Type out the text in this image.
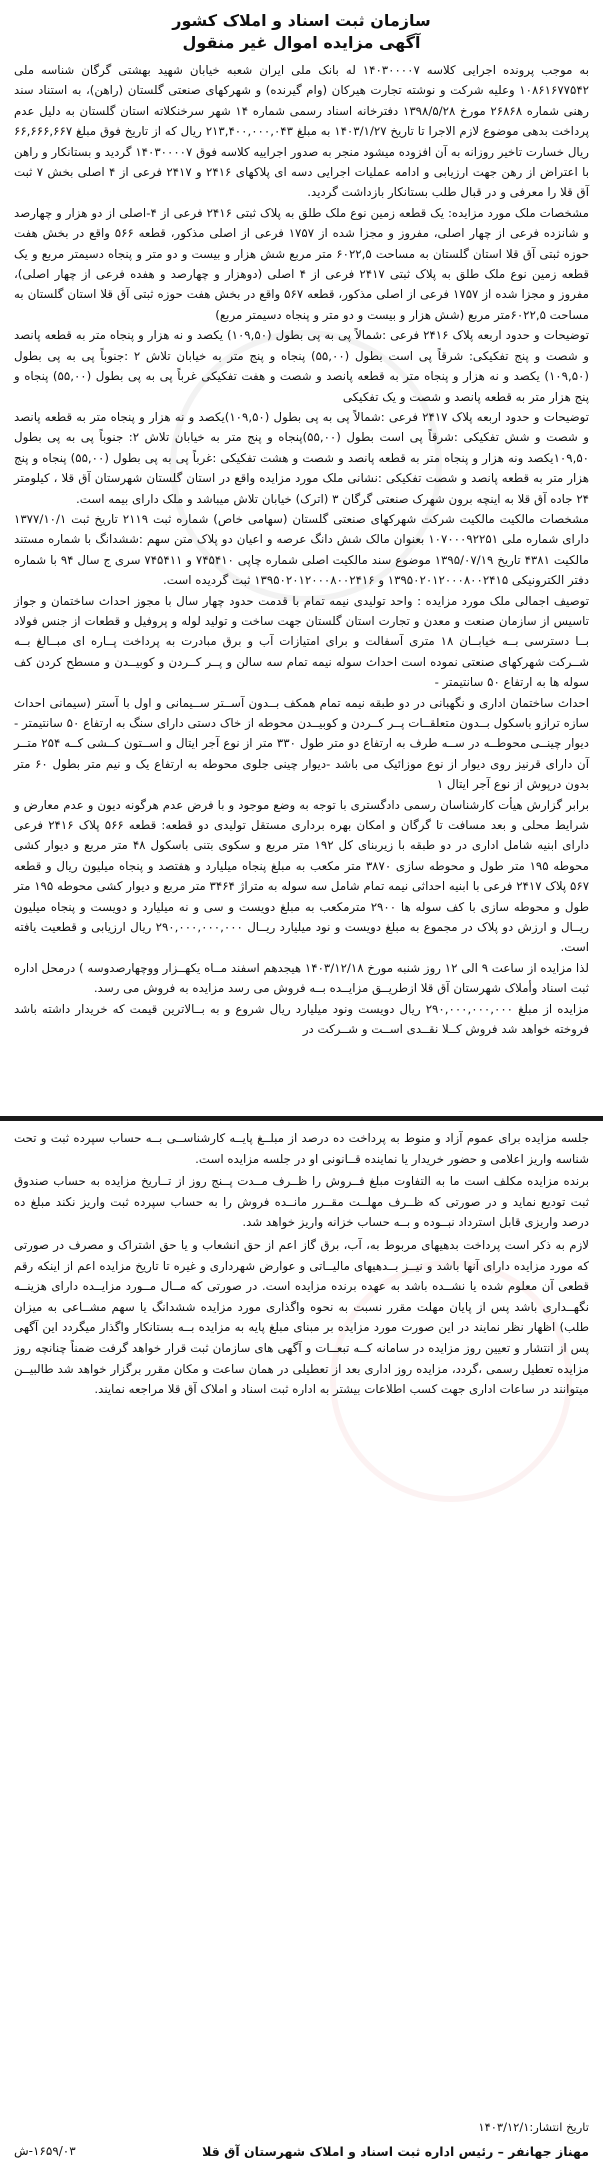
سازمان ثبت اسناد و املاک کشور

آگهی مزایده اموال غیر منقول

به موجب پرونده اجرایی کلاسه ۱۴۰۳۰۰۰۰۷ له بانک ملی ایران شعبه خیابان شهید بهشتی گرگان شناسه ملی ۱۰۸۶۱۶۷۷۵۴۲ وعلیه شرکت و نوشته تجارت هیرکان (وام گیرنده) و شهرکهای صنعتی گلستان (راهن)، به استناد سند رهنی شماره ۲۶۸۶۸ مورخ ۱۳۹۸/۵/۲۸ دفترخانه اسناد رسمی شماره ۱۴ شهر سرخنکلاته استان گلستان به دلیل عدم پرداخت بدهی موضوع لازم الاجرا تا تاریخ ۱۴۰۳/۱/۲۷ به مبلغ ۲۱۳,۴۰۰,۰۰۰,۰۴۳ ریال که از تاریخ فوق مبلغ ۶۶,۶۶۶,۶۶۷ ریال خسارت تاخیر روزانه به آن افزوده میشود منجر به صدور اجراییه کلاسه فوق ۱۴۰۳۰۰۰۰۷ گردید و بستانکار و راهن با اعتراض از رهن جهت ارزیابی و ادامه عملیات اجرایی دسه ای پلاکهای ۲۴۱۶ و ۲۴۱۷ فرعی از ۴ اصلی بخش ۷ ثبت آق قلا را معرفی و در قبال طلب بستانکار بازداشت گردید.

مشخصات ملک مورد مزایده: یک قطعه زمین نوع ملک طلق به پلاک ثبتی ۲۴۱۶ فرعی از ۴-اصلی از دو هزار و چهارصد و شانزده فرعی از چهار اصلی، مفروز و مجزا شده از ۱۷۵۷ فرعی از اصلی مذکور، قطعه ۵۶۶ واقع در بخش هفت حوزه ثبتی آق قلا استان گلستان به مساحت ۶۰۲۲,۵ متر مربع شش هزار و بیست و دو متر و پنجاه دسیمتر مربع و یک قطعه زمین نوع ملک طلق به پلاک ثبتی ۲۴۱۷ فرعی از ۴ اصلی (دوهزار و چهارصد و هفده فرعی از چهار اصلی)، مفروز و مجزا شده از ۱۷۵۷ فرعی از اصلی مذکور، قطعه ۵۶۷ واقع در بخش هفت حوزه ثبتی آق قلا استان گلستان به مساحت ۶۰۲۲,۵متر مربع (شش هزار و بیست و دو متر و پنجاه دسیمتر مربع)

توضیحات و حدود اربعه پلاک ۲۴۱۶ فرعی :شمالاً پی به پی بطول (۱۰۹,۵۰) یکصد و نه هزار و پنجاه متر به قطعه پانصد و شصت و پنج تفکیکی: شرقاً پی است بطول (۵۵,۰۰) پنجاه و پنج متر به خیابان تلاش ۲ :جنوباً پی به پی بطول (۱۰۹,۵۰) یکصد و نه هزار و پنجاه متر به قطعه پانصد و شصت و هفت تفکیکی غرباً پی به پی بطول (۵۵,۰۰) پنجاه و پنج هزار متر به قطعه پانصد و شصت و یک تفکیکی

توضیحات و حدود اربعه پلاک ۲۴۱۷ فرعی :شمالاً پی به پی بطول (۱۰۹,۵۰)یکصد و نه هزار و پنجاه متر به قطعه پانصد و شصت و شش تفکیکی :شرقاً پی است بطول (۵۵,۰۰)پنجاه و پنج متر به خیابان تلاش ۲: جنوباً پی به پی بطول ۱۰۹,۵۰یکصد ونه هزار و پنجاه متر به قطعه پانصد و شصت و هشت تفکیکی :غرباً پی به پی بطول (۵۵,۰۰) پنجاه و پنج هزار متر به قطعه پانصد و شصت تفکیکی :نشانی ملک مورد مزایده واقع در استان گلستان شهرستان آق قلا ، کیلومتر ۲۴ جاده آق قلا به اینچه برون شهرک صنعتی گرگان ۳ (اترک) خیابان تلاش میباشد و ملک دارای بیمه است.

مشخصات مالکیت مالکیت شرکت شهرکهای صنعتی گلستان (سهامی خاص) شماره ثبت ۲۱۱۹ تاریخ ثبت ۱۳۷۷/۱۰/۱ دارای شماره ملی ۱۰۷۰۰۰۹۲۲۵۱ بعنوان مالک شش دانگ عرصه و اعیان دو پلاک متن سهم :ششدانگ با شماره مستند مالکیت ۴۳۸۱ تاریخ ۱۳۹۵/۰۷/۱۹ موضوع سند مالکیت اصلی شماره چاپی ۷۴۵۴۱۰ و ۷۴۵۴۱۱ سری ج سال ۹۴ با شماره دفتر الکترونیکی ۱۳۹۵۰۲۰۱۲۰۰۰۸۰۰۲۴۱۵ و ۱۳۹۵۰۲۰۱۲۰۰۰۸۰۰۲۴۱۶ ثبت گردیده است.

توصیف اجمالی ملک مورد مزایده : واحد تولیدی نیمه تمام با قدمت حدود چهار سال با مجوز احداث ساختمان و جواز تاسیس از سازمان صنعت و معدن و تجارت استان گلستان جهت ساخت و تولید لوله و پروفیل و قطعات از جنس فولاد بــا دسترسی بــه خیابــان ۱۸ متری آسفالت و برای امتیازات آب و برق مبادرت به پرداخت پــاره ای مبــالغ بــه شــرکت شهرکهای صنعتی نموده است احداث سوله نیمه تمام سه سالن و پــر کــردن و کوبیــدن و مسطح کردن کف سوله ها به ارتفاع ۵۰ سانتیمتر -

احداث ساختمان اداری و نگهبانی در دو طبقه نیمه تمام همکف بــدون آســتر ســیمانی و اول با آستر (سیمانی احداث سازه ترازو باسکول بــدون متعلقــات پــر کــردن و کوبیــدن محوطه از خاک دستی دارای سنگ به ارتفاع ۵۰ سانتیمتر - دیوار چینــی محوطــه در ســه طرف به ارتفاع دو متر طول ۳۳۰ متر از نوع آجر ایتال و اســتون کــشی کــه ۲۵۴ متــر آن دارای قرنیز روی دیوار از نوع موزائیک می باشد -دیوار چینی جلوی محوطه به ارتفاع یک و نیم متر بطول ۶۰ متر بدون درپوش از نوع آجر ایتال ۱

برابر گزارش هیأت کارشناسان رسمی دادگستری با توجه به وضع موجود و با فرض عدم هرگونه دیون و عدم معارض و شرایط محلی و بعد مسافت تا گرگان و امکان بهره برداری مستقل تولیدی دو قطعه: قطعه ۵۶۶ پلاک ۲۴۱۶ فرعی دارای ابنیه شامل اداری در دو طبقه با زیربنای کل ۱۹۲ متر مربع و سکوی بتنی باسکول ۴۸ متر مربع و دیوار کشی محوطه ۱۹۵ متر طول و محوطه سازی ۳۸۷۰ متر مکعب به مبلغ پنجاه میلیارد و هفتصد و پنجاه میلیون ریال و قطعه ۵۶۷ پلاک ۲۴۱۷ فرعی با ابنیه احداثی نیمه تمام شامل سه سوله به متراژ ۳۴۶۴ متر مربع و دیوار کشی محوطه ۱۹۵ متر طول و محوطه سازی با کف سوله ها ۲۹۰۰ مترمکعب به مبلغ دویست و سی و نه میلیارد و دویست و پنجاه میلیون ریــال و ارزش دو پلاک در مجموع به مبلغ دویست و نود میلیارد ریــال ۲۹۰,۰۰۰,۰۰۰,۰۰۰ ریال ارزیابی و قطعیت یافته است.

لذا مزایده از ساعت ۹ الی ۱۲ روز شنبه مورخ ۱۴۰۳/۱۲/۱۸ هیجدهم اسفند مــاه یکهــزار ووچهارصدوسه ) درمحل اداره ثبت اسناد وأملاک شهرستان آق قلا ازطریــق مزایــده بــه فروش می رسد مزایده به فروش می رسد.

مزایده از مبلغ ۲۹۰,۰۰۰,۰۰۰,۰۰۰ ریال دویست ونود میلیارد ریال شروع و به بــالاترین قیمت که خریدار داشته باشد فروخته خواهد شد فروش کــلا نقــدی اســت و شــرکت در

جلسه مزایده برای عموم آزاد و منوط به پرداخت ده درصد از مبلــغ پایــه کارشناســی بــه حساب سپرده ثبت و تحت شناسه واریز اعلامی و حضور خریدار یا نماینده قــانونی او در جلسه مزایده است.

برنده مزایده مکلف است ما به التفاوت مبلغ فــروش را ظــرف مــدت پــنج روز از تــاریخ مزایده به حساب صندوق ثبت تودیع نماید و در صورتی که ظــرف مهلــت مقــرر مانــده فروش را به حساب سپرده ثبت واریز نکند مبلغ ده درصد واریزی قابل استرداد نبــوده و بــه حساب خزانه واریز خواهد شد.

لازم به ذکر است پرداخت بدهیهای مربوط به، آب، برق گاز اعم از حق انشعاب و یا حق اشتراک و مصرف در صورتی که مورد مزایده دارای آنها باشد و نیــز بــدهیهای مالیــاتی و عوارض شهرداری و غیره تا تاریخ مزایده اعم از اینکه رقم قطعی آن معلوم شده یا نشــده باشد به عهده برنده مزایده است. در صورتی که مــال مــورد مزایــده دارای هزینــه نگهــداری باشد پس از پایان مهلت مقرر نسبت به نحوه واگذاری مورد مزایده ششدانگ یا سهم مشــاعی به میزان طلب) اظهار نظر نمایند در این صورت مورد مزایده بر مبنای مبلغ پایه به مزایده بــه بستانکار واگذار میگردد این آگهی پس از انتشار و تعیین روز مزایده در سامانه کــه تبعــات و آگهی های سازمان ثبت قرار خواهد گرفت ضمناً چنانچه روز مزایده تعطیل رسمی ،گردد، مزایده روز اداری بعد از تعطیلی در همان ساعت و مکان مقرر برگزار خواهد شد طالبیــن میتوانند در ساعات اداری جهت کسب اطلاعات بیشتر به اداره ثبت اسناد و املاک آق قلا مراجعه نمایند.

تاریخ انتشار:۱۴۰۳/۱۲/۱
مهناز جهانفر – رئیس اداره ثبت اسناد و املاک شهرستان آق قلا
۱۶۵۹/۰۳-ش
